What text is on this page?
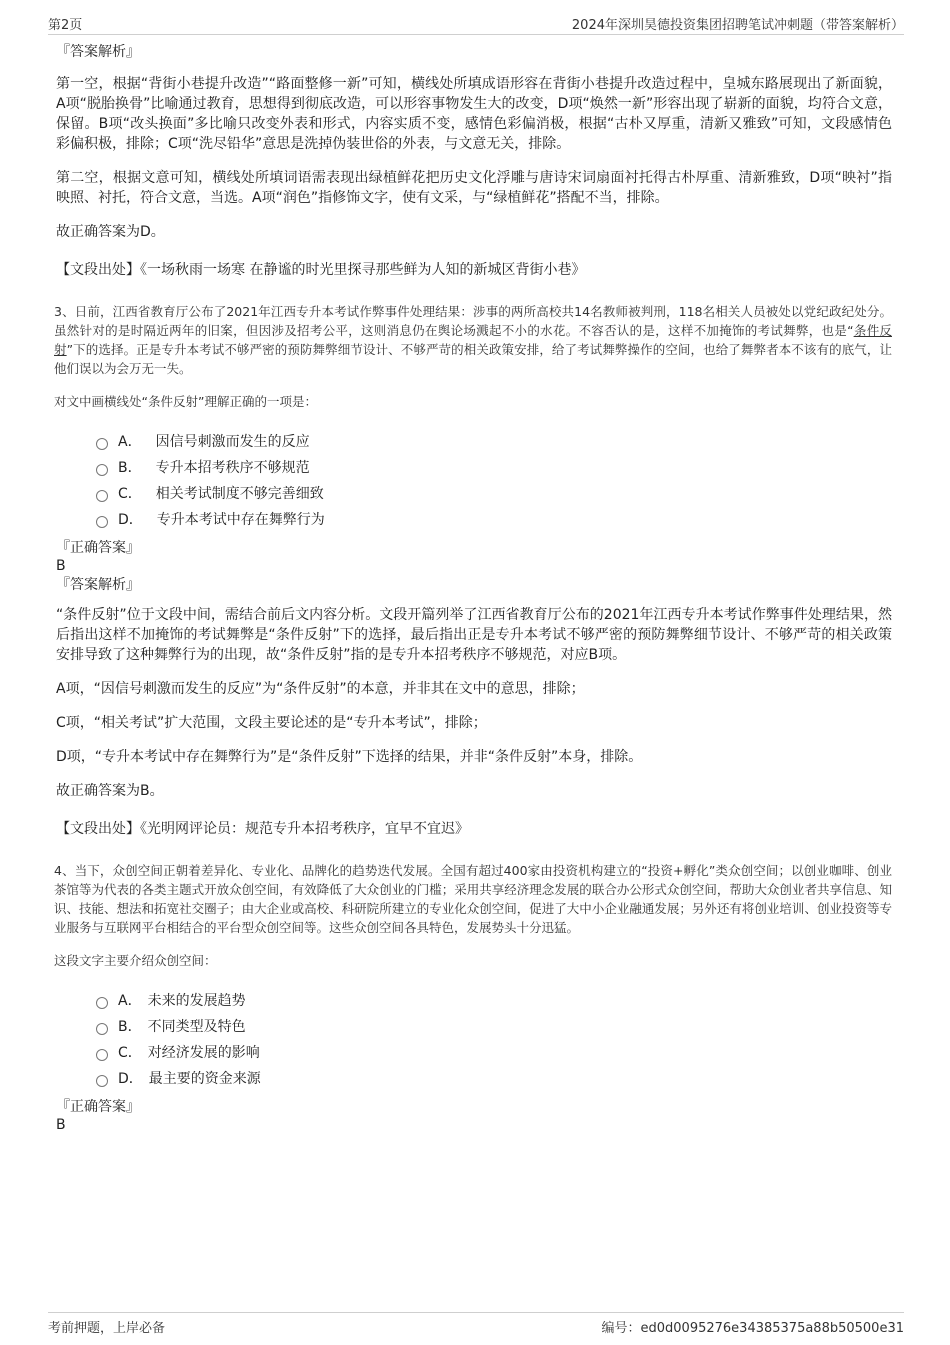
第2页	2024年深圳昊德投资集团招聘笔试冲刺题（带答案解析）
『答案解析』

第一空，根据“背街小巷提升改造”“路面整修一新”可知，横线处所填成语形容在背街小巷提升改造过程中，皇城东路展现出了新面貌，A项“脱胎换骨”比喻通过教育，思想得到彻底改造，可以形容事物发生大的改变，D项“焕然一新”形容出现了崭新的面貌，均符合文意，保留。B项“改头换面”多比喻只改变外表和形式，内容实质不变，感情色彩偏消极，根据“古朴又厚重，清新又雅致”可知，文段感情色彩偏积极，排除；C项“洗尽铅华”意思是洗掉伪装世俗的外表，与文意无关，排除。

第二空，根据文意可知，横线处所填词语需表现出绿植鲜花把历史文化浮雕与唐诗宋词扇面衬托得古朴厚重、清新雅致，D项“映衬”指映照、衬托，符合文意，当选。A项“润色”指修饰文字，使有文采，与“绿植鲜花”搭配不当，排除。

故正确答案为D。

【文段出处】《一场秋雨一场寒 在静谧的时光里探寻那些鲜为人知的新城区背街小巷》
3、日前，江西省教育厅公布了2021年江西专升本考试作弊事件处理结果：涉事的两所高校共14名教师被判刑，118名相关人员被处以党纪政纪处分。虽然针对的是时隔近两年的旧案，但因涉及招考公平，这则消息仍在舆论场溅起不小的水花。不容否认的是，这样不加掩饰的考试舞弊，也是“条件反射”下的选择。正是专升本考试不够严密的预防舞弊细节设计、不够严苛的相关政策安排，给了考试舞弊操作的空间，也给了舞弊者本不该有的底气，让他们误以为会万无一失。
对文中画横线处“条件反射”理解正确的一项是：
A． 因信号刺激而发生的反应
B． 专升本招考秩序不够规范
C． 相关考试制度不够完善细致
D． 专升本考试中存在舞弊行为
『正确答案』
B
『答案解析』

“条件反射”位于文段中间，需结合前后文内容分析。文段开篇列举了江西省教育厅公布的2021年江西专升本考试作弊事件处理结果，然后指出这样不加掩饰的考试舞弊是“条件反射”下的选择，最后指出正是专升本考试不够严密的预防舞弊细节设计、不够严苛的相关政策安排导致了这种舞弊行为的出现，故“条件反射”指的是专升本招考秩序不够规范，对应B项。

A项，“因信号刺激而发生的反应”为“条件反射”的本意，并非其在文中的意思，排除；

C项，“相关考试”扩大范围，文段主要论述的是“专升本考试”，排除；

D项，“专升本考试中存在舞弊行为”是“条件反射”下选择的结果，并非“条件反射”本身，排除。

故正确答案为B。

【文段出处】《光明网评论员：规范专升本招考秩序，宜早不宜迟》
4、当下，众创空间正朝着差异化、专业化、品牌化的趋势迭代发展。全国有超过400家由投资机构建立的“投资+孵化”类众创空间；以创业咖啡、创业茶馆等为代表的各类主题式开放众创空间，有效降低了大众创业的门槛；采用共享经济理念发展的联合办公形式众创空间，帮助大众创业者共享信息、知识、技能、想法和拓宽社交圈子；由大企业或高校、科研院所建立的专业化众创空间，促进了大中小企业融通发展；另外还有将创业培训、创业投资等专业服务与互联网平台相结合的平台型众创空间等。这些众创空间各具特色，发展势头十分迅猛。
这段文字主要介绍众创空间：
A． 未来的发展趋势
B． 不同类型及特色
C． 对经济发展的影响
D． 最主要的资金来源
『正确答案』
B
考前押题，上岸必备	编号：ed0d0095276e34385375a88b50500e31
